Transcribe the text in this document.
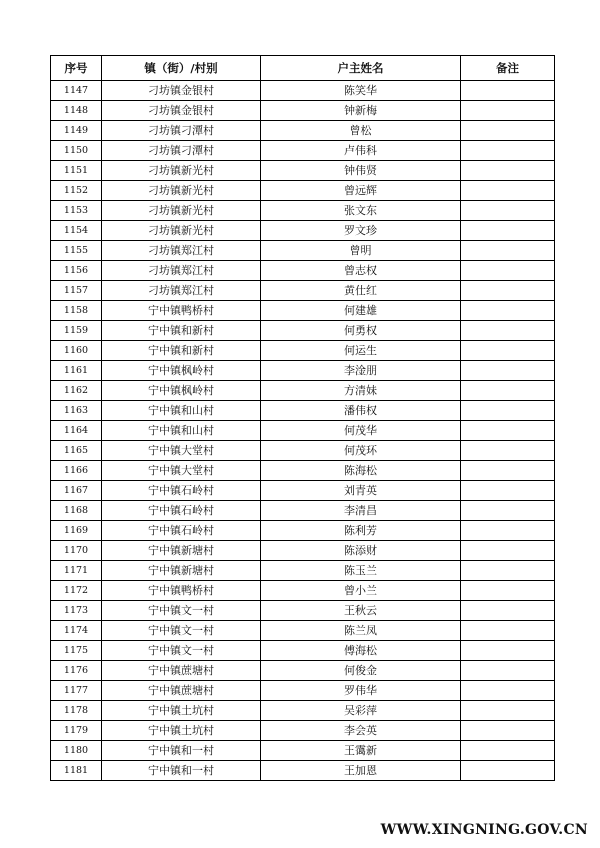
序号	镇（街）/村别	户主姓名	备注
1147	刁坊镇金银村	陈笑华	
1148	刁坊镇金银村	钟新梅	
1149	刁坊镇刁潭村	曾松	
1150	刁坊镇刁潭村	卢伟科	
1151	刁坊镇新光村	钟伟贤	
1152	刁坊镇新光村	曾远辉	
1153	刁坊镇新光村	张文东	
1154	刁坊镇新光村	罗文珍	
1155	刁坊镇郑江村	曾明	
1156	刁坊镇郑江村	曾志权	
1157	刁坊镇郑江村	黄仕红	
1158	宁中镇鸭桥村	何建雄	
1159	宁中镇和新村	何勇权	
1160	宁中镇和新村	何运生	
1161	宁中镇枫岭村	李淦朋	
1162	宁中镇枫岭村	方清妹	
1163	宁中镇和山村	潘伟权	
1164	宁中镇和山村	何茂华	
1165	宁中镇大堂村	何茂环	
1166	宁中镇大堂村	陈海松	
1167	宁中镇石岭村	刘青英	
1168	宁中镇石岭村	李清昌	
1169	宁中镇石岭村	陈利芳	
1170	宁中镇新塘村	陈添财	
1171	宁中镇新塘村	陈玉兰	
1172	宁中镇鸭桥村	曾小兰	
1173	宁中镇文一村	王秋云	
1174	宁中镇文一村	陈兰凤	
1175	宁中镇文一村	傅海松	
1176	宁中镇蔗塘村	何俊金	
1177	宁中镇蔗塘村	罗伟华	
1178	宁中镇土坑村	吴彩萍	
1179	宁中镇土坑村	李会英	
1180	宁中镇和一村	王霭新	
1181	宁中镇和一村	王加恩	
WWW.XINGNING.GOV.CN
